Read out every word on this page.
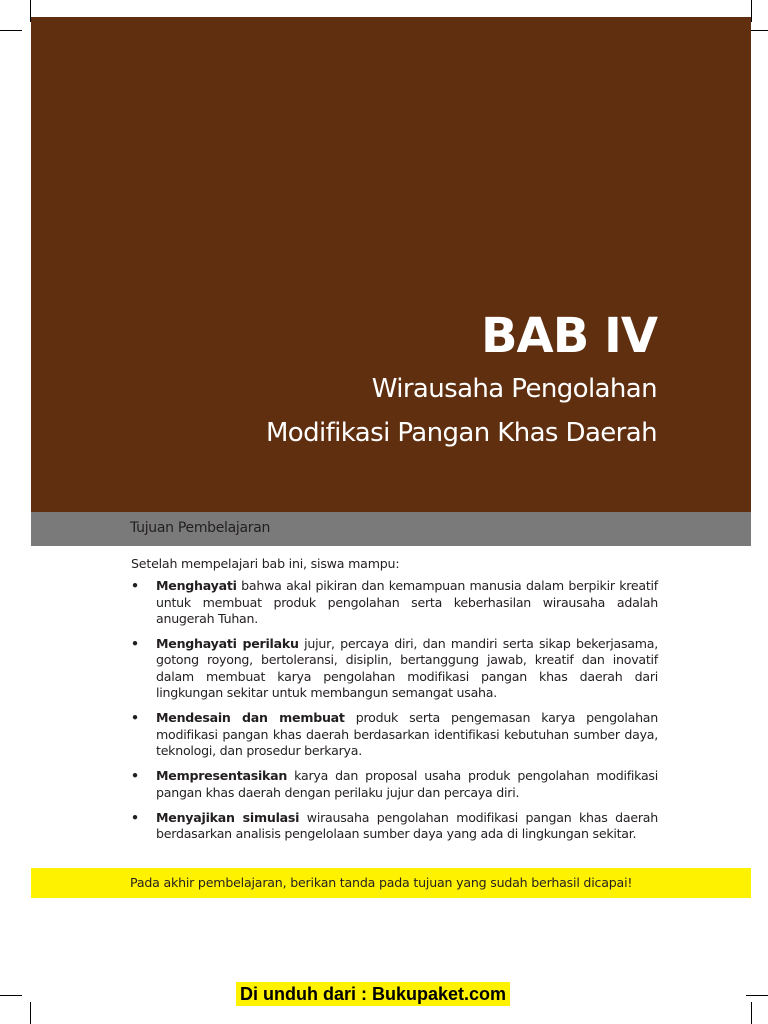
BAB IV
Wirausaha Pengolahan
Modifikasi Pangan Khas Daerah
Tujuan Pembelajaran

Setelah mempelajari bab ini, siswa mampu:

• Menghayati bahwa akal pikiran dan kemampuan manusia dalam berpikir kreatif untuk membuat produk pengolahan serta keberhasilan wirausaha adalah anugerah Tuhan.
• Menghayati perilaku jujur, percaya diri, dan mandiri serta sikap bekerjasama, gotong royong, bertoleransi, disiplin, bertanggung jawab, kreatif dan inovatif dalam membuat karya pengolahan modifikasi pangan khas daerah dari lingkungan sekitar untuk membangun semangat usaha.
• Mendesain dan membuat produk serta pengemasan karya pengolahan modifikasi pangan khas daerah berdasarkan identifikasi kebutuhan sumber daya, teknologi, dan prosedur berkarya.
• Mempresentasikan karya dan proposal usaha produk pengolahan modifikasi pangan khas daerah dengan perilaku jujur dan percaya diri.
• Menyajikan simulasi wirausaha pengolahan modifikasi pangan khas daerah berdasarkan analisis pengelolaan sumber daya yang ada di lingkungan sekitar.
Pada akhir pembelajaran, berikan tanda pada tujuan yang sudah berhasil dicapai!
Di unduh dari : Bukupaket.com
